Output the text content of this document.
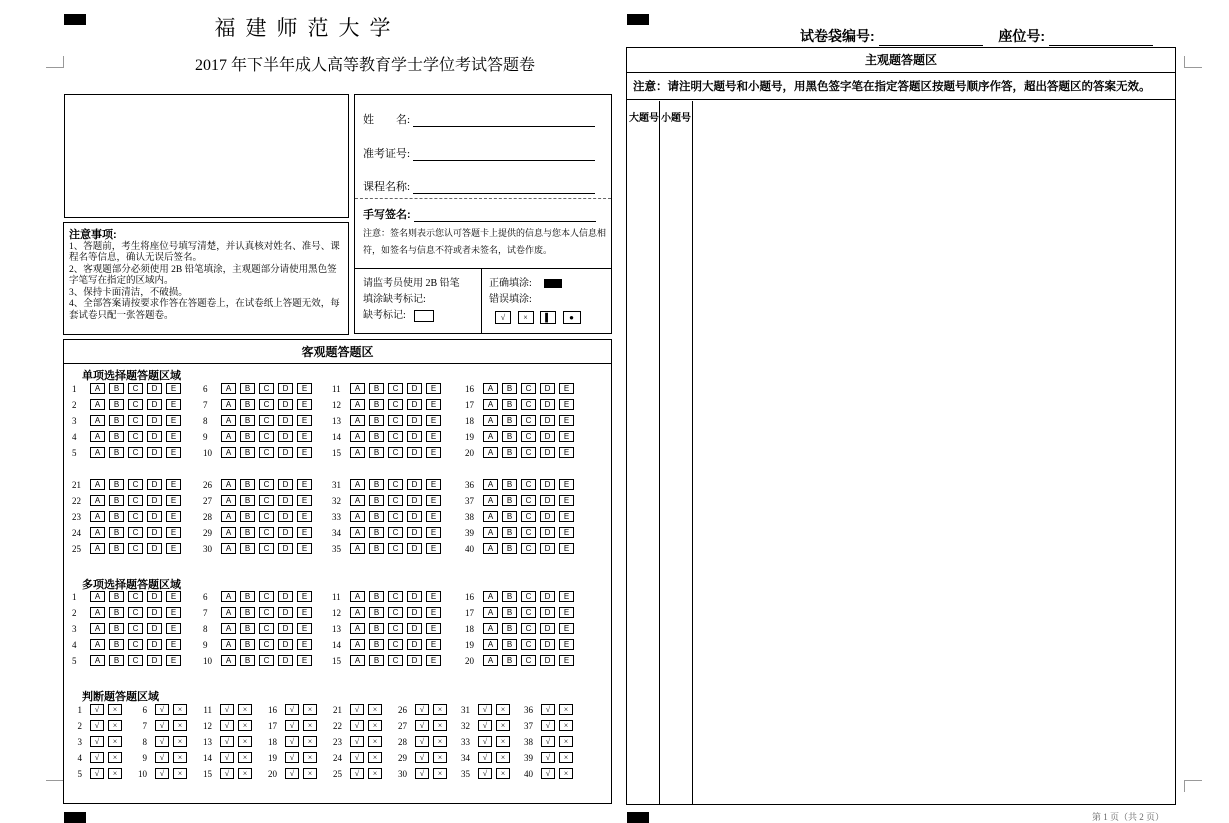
福建师范大学
2017 年下半年成人高等教育学士学位考试答题卷
姓　　名:
准考证号:
课程名称:
手写签名:
注意：签名则表示您认可答题卡上提供的信息与您本人信息相符，如签名与信息不符或者未签名，试卷作废。
请监考员使用 2B 铅笔
填涂缺考标记:
缺考标记:
正确填涂:
错误填涂:
√ × ▌ ●
注意事项:
1、答题前，考生将座位号填写清楚，并认真核对姓名、准号、课程名等信息，确认无误后签名。
2、客观题部分必须使用 2B 铅笔填涂，主观题部分请使用黑色签字笔写在指定的区域内。
3、保持卡面清洁，不破损。
4、全部答案请按要求作答在答题卷上，在试卷纸上答题无效，每套试卷只配一张答题卷。
客观题答题区
单项选择题答题区域
多项选择题答题区域
判断题答题区域
1 A B C D E	6 A B C D E	11 A B C D E	16 A B C D E
2 A B C D E	7 A B C D E	12 A B C D E	17 A B C D E
3 A B C D E	8 A B C D E	13 A B C D E	18 A B C D E
4 A B C D E	9 A B C D E	14 A B C D E	19 A B C D E
5 A B C D E	10 A B C D E	15 A B C D E	20 A B C D E
21 A B C D E	26 A B C D E	31 A B C D E	36 A B C D E
22 A B C D E	27 A B C D E	32 A B C D E	37 A B C D E
23 A B C D E	28 A B C D E	33 A B C D E	38 A B C D E
24 A B C D E	29 A B C D E	34 A B C D E	39 A B C D E
25 A B C D E	30 A B C D E	35 A B C D E	40 A B C D E
1 A B C D E	6 A B C D E	11 A B C D E	16 A B C D E
2 A B C D E	7 A B C D E	12 A B C D E	17 A B C D E
3 A B C D E	8 A B C D E	13 A B C D E	18 A B C D E
4 A B C D E	9 A B C D E	14 A B C D E	19 A B C D E
5 A B C D E	10 A B C D E	15 A B C D E	20 A B C D E
1 √ ×	6 √ ×	11 √ ×	16 √ ×	21 √ ×	26 √ ×	31 √ ×	36 √ ×
2 √ ×	7 √ ×	12 √ ×	17 √ ×	22 √ ×	27 √ ×	32 √ ×	37 √ ×
3 √ ×	8 √ ×	13 √ ×	18 √ ×	23 √ ×	28 √ ×	33 √ ×	38 √ ×
4 √ ×	9 √ ×	14 √ ×	19 √ ×	24 √ ×	29 √ ×	34 √ ×	39 √ ×
5 √ ×	10 √ ×	15 √ ×	20 √ ×	25 √ ×	30 √ ×	35 √ ×	40 √ ×
试卷袋编号:	座位号:
主观题答题区
注意：请注明大题号和小题号，用黑色签字笔在指定答题区按题号顺序作答，超出答题区的答案无效。
大题号 小题号
第 1 页（共 2 页）
